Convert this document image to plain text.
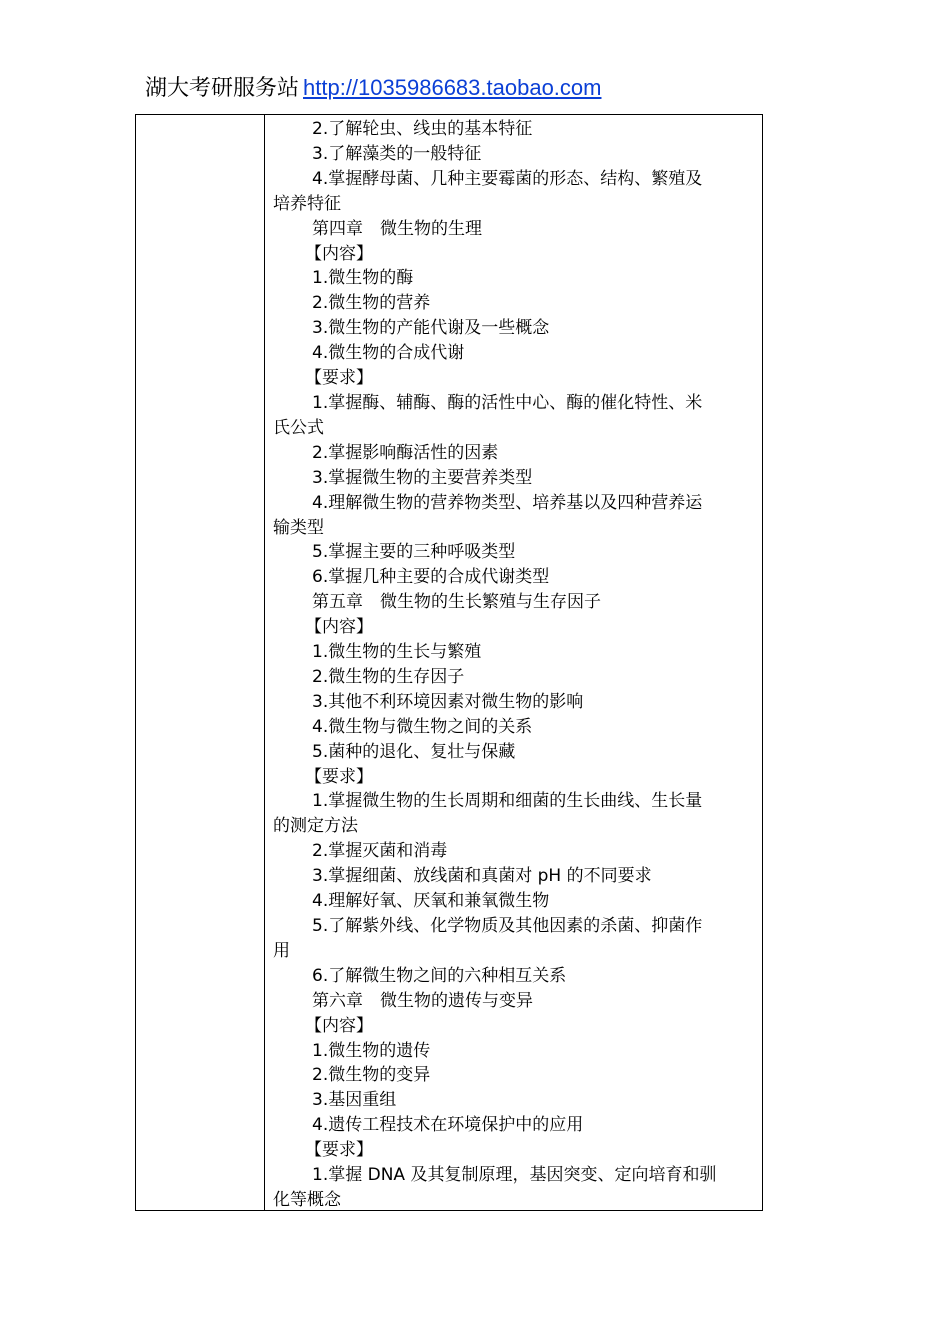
湖大考研服务站 http://1035986683.taobao.com
2.了解轮虫、线虫的基本特征
3.了解藻类的一般特征
4.掌握酵母菌、几种主要霉菌的形态、结构、繁殖及
培养特征
第四章　微生物的生理
【内容】
1.微生物的酶
2.微生物的营养
3.微生物的产能代谢及一些概念
4.微生物的合成代谢
【要求】
1.掌握酶、辅酶、酶的活性中心、酶的催化特性、米
氏公式
2.掌握影响酶活性的因素
3.掌握微生物的主要营养类型
4.理解微生物的营养物类型、培养基以及四种营养运
输类型
5.掌握主要的三种呼吸类型
6.掌握几种主要的合成代谢类型
第五章　微生物的生长繁殖与生存因子
【内容】
1.微生物的生长与繁殖
2.微生物的生存因子
3.其他不利环境因素对微生物的影响
4.微生物与微生物之间的关系
5.菌种的退化、复壮与保藏
【要求】
1.掌握微生物的生长周期和细菌的生长曲线、生长量
的测定方法
2.掌握灭菌和消毒
3.掌握细菌、放线菌和真菌对 pH 的不同要求
4.理解好氧、厌氧和兼氧微生物
5.了解紫外线、化学物质及其他因素的杀菌、抑菌作
用
6.了解微生物之间的六种相互关系
第六章　微生物的遗传与变异
【内容】
1.微生物的遗传
2.微生物的变异
3.基因重组
4.遗传工程技术在环境保护中的应用
【要求】
1.掌握 DNA 及其复制原理，基因突变、定向培育和驯
化等概念
